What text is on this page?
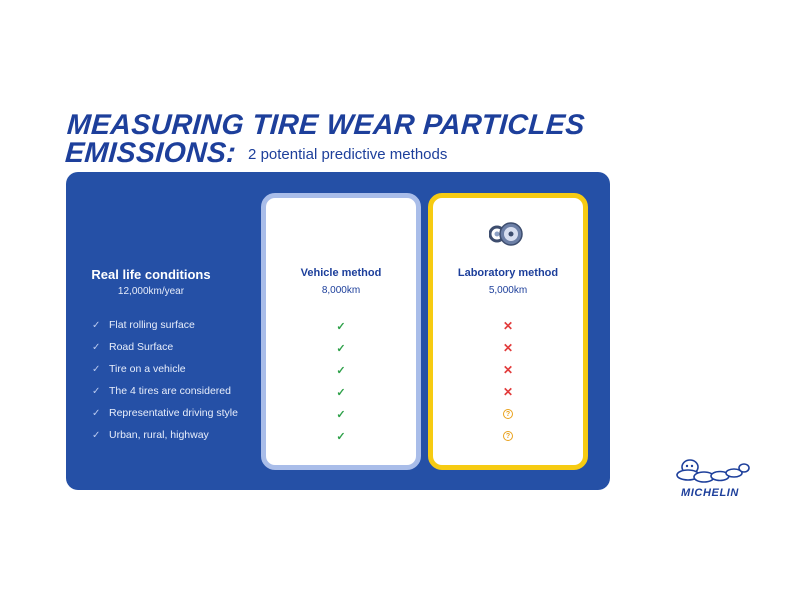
MEASURING TIRE WEAR PARTICLES
EMISSIONS: 2 potential predictive methods
Real life conditions
12,000km/year
✓ Flat rolling surface
✓ Road Surface
✓ Tire on a vehicle
✓ The 4 tires are considered
✓ Representative driving style
✓ Urban, rural, highway
Vehicle method
8,000km
✓
✓
✓
✓
✓
✓
Laboratory method
5,000km
✕
✕
✕
✕
?
?
MICHELIN
